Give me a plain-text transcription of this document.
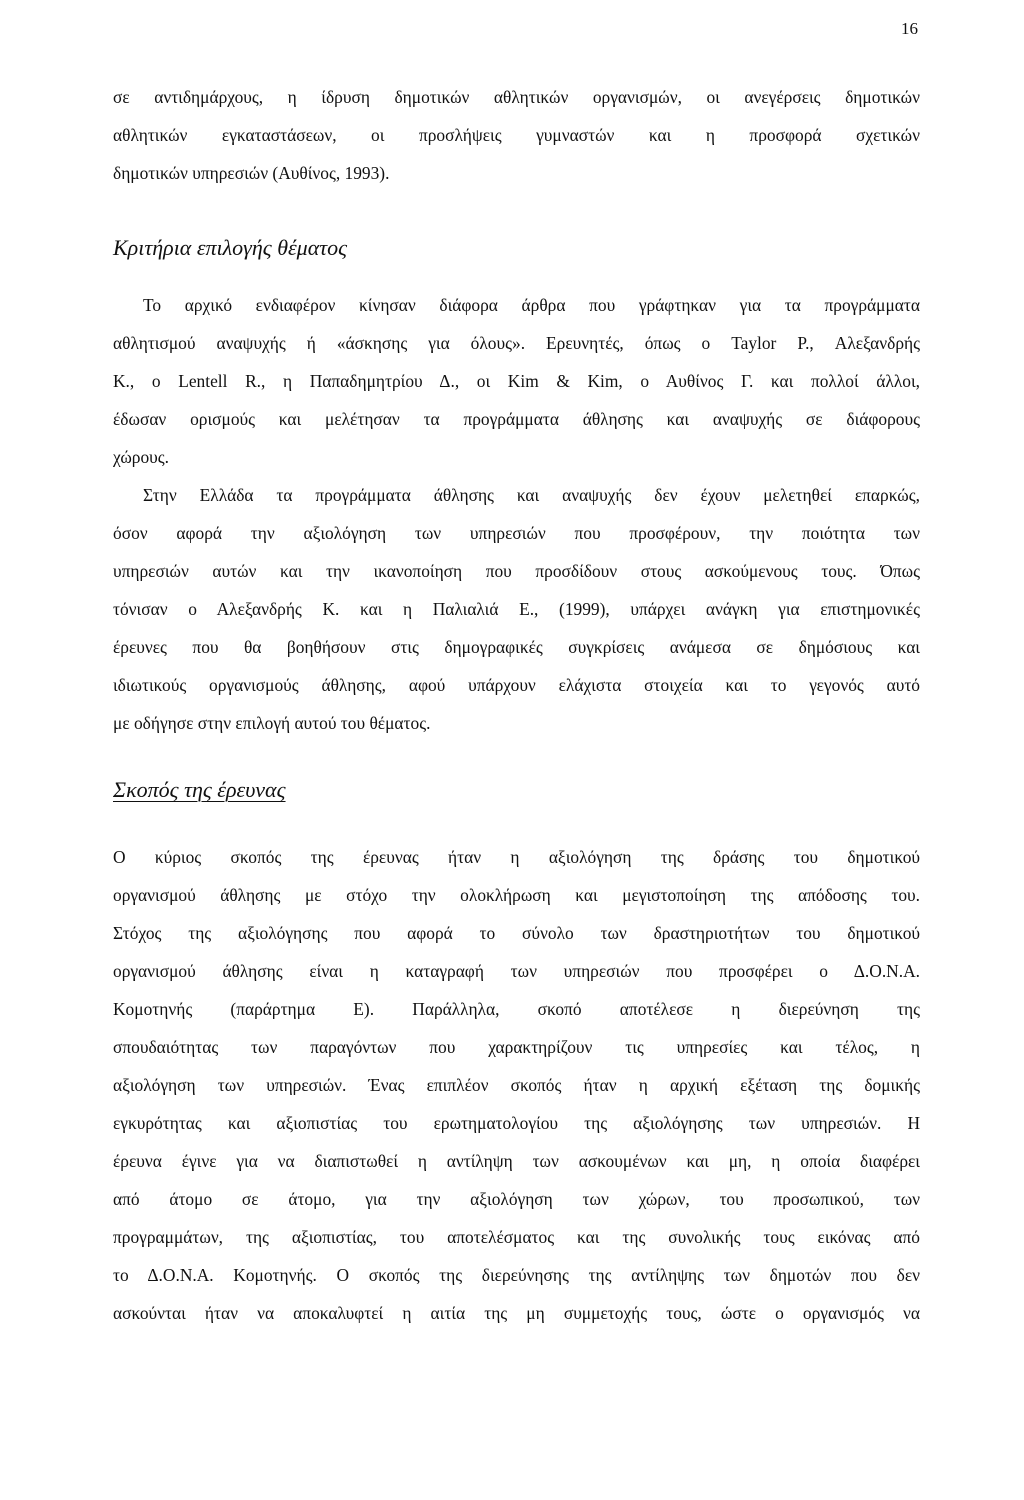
16
σε αντιδημάρχους, η ίδρυση δημοτικών αθλητικών οργανισμών, οι ανεγέρσεις δημοτικών
αθλητικών εγκαταστάσεων, οι προσλήψεις γυμναστών και η προσφορά σχετικών
δημοτικών υπηρεσιών (Αυθίνος, 1993).
Κριτήρια επιλογής θέματος
Το αρχικό ενδιαφέρον κίνησαν διάφορα άρθρα που γράφτηκαν για τα προγράμματα
αθλητισμού αναψυχής ή «άσκησης για όλους». Ερευνητές, όπως ο Taylor P., Αλεξανδρής
K., ο Lentell R., η Παπαδημητρίου Δ., οι Kim & Kim, ο Αυθίνος Γ. και πολλοί άλλοι,
έδωσαν ορισμούς και μελέτησαν τα προγράμματα άθλησης και αναψυχής σε διάφορους
χώρους.
Στην Ελλάδα τα προγράμματα άθλησης και αναψυχής δεν έχουν μελετηθεί επαρκώς,
όσον αφορά την αξιολόγηση των υπηρεσιών που προσφέρουν, την ποιότητα των
υπηρεσιών αυτών και την ικανοποίηση που προσδίδουν στους ασκούμενους τους. Όπως
τόνισαν ο Αλεξανδρής Κ. και η Παλιαλιά Ε., (1999), υπάρχει ανάγκη για επιστημονικές
έρευνες που θα βοηθήσουν στις δημογραφικές συγκρίσεις ανάμεσα σε δημόσιους και
ιδιωτικούς οργανισμούς άθλησης, αφού υπάρχουν ελάχιστα στοιχεία και το γεγονός αυτό
με οδήγησε στην επιλογή αυτού του θέματος.
Σκοπός της έρευνας
Ο κύριος σκοπός της έρευνας ήταν η αξιολόγηση της δράσης του δημοτικού
οργανισμού άθλησης με στόχο την ολοκλήρωση και μεγιστοποίηση της απόδοσης του.
Στόχος της αξιολόγησης που αφορά το σύνολο των δραστηριοτήτων του δημοτικού
οργανισμού άθλησης είναι η καταγραφή των υπηρεσιών που προσφέρει ο Δ.Ο.Ν.Α.
Κομοτηνής (παράρτημα Ε). Παράλληλα, σκοπό αποτέλεσε η διερεύνηση της
σπουδαιότητας των παραγόντων που χαρακτηρίζουν τις υπηρεσίες και τέλος, η
αξιολόγηση των υπηρεσιών. Ένας επιπλέον σκοπός ήταν η αρχική εξέταση της δομικής
εγκυρότητας και αξιοπιστίας του ερωτηματολογίου της αξιολόγησης των υπηρεσιών. Η
έρευνα έγινε για να διαπιστωθεί η αντίληψη των ασκουμένων και μη, η οποία διαφέρει
από άτομο σε άτομο, για την αξιολόγηση των χώρων, του προσωπικού, των
προγραμμάτων, της αξιοπιστίας, του αποτελέσματος και της συνολικής τους εικόνας από
το Δ.Ο.Ν.Α. Κομοτηνής. Ο σκοπός της διερεύνησης της αντίληψης των δημοτών που δεν
ασκούνται ήταν να αποκαλυφτεί η αιτία της μη συμμετοχής τους, ώστε ο οργανισμός να
